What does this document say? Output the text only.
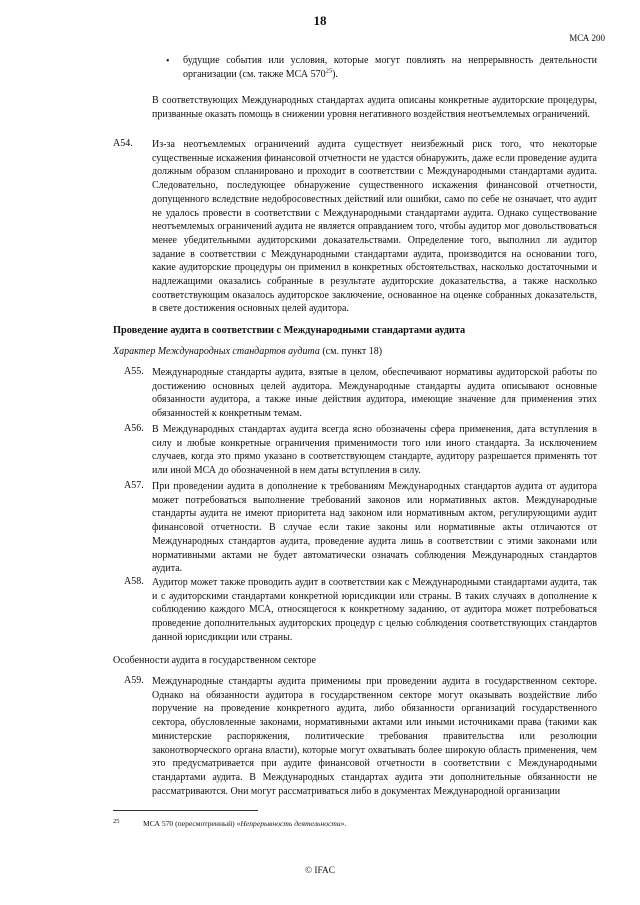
18
МСА 200
• будущие события или условия, которые могут повлиять на непрерывность деятельности организации (см. также МСА $570^{25}$).

В соответствующих Международных стандартах аудита описаны конкретные аудиторские процедуры, призванные оказать помощь в снижении уровня негативного воздействия неотъемлемых ограничений.

A54. Из-за неотъемлемых ограничений аудита существует неизбежный риск того, что некоторые существенные искажения финансовой отчетности не удастся обнаружить, даже если проведение аудита должным образом спланировано и проходит в соответствии с Международными стандартами аудита. Следовательно, последующее обнаружение существенного искажения финансовой отчетности, допущенного вследствие недобросовестных действий или ошибки, само по себе не означает, что аудит не удалось провести в соответствии с Международными стандартами аудита. Однако существование неотъемлемых ограничений аудита не является оправданием того, чтобы аудитор мог довольствоваться менее убедительными аудиторскими доказательствами. Определение того, выполнил ли аудитор задание в соответствии с Международными стандартами аудита, производится на основании того, какие аудиторские процедуры он применил в конкретных обстоятельствах, насколько достаточными и надлежащими оказались собранные в результате аудиторские доказательства, а также насколько соответствующим оказалось аудиторское заключение, основанное на оценке собранных доказательств, в свете достижения основных целей аудитора.

Проведение аудита в соответствии с Международными стандартами аудита
Характер Международных стандартов аудита (см. пункт 18)
A55. Международные стандарты аудита, взятые в целом, обеспечивают нормативы аудиторской работы по достижению основных целей аудитора. Международные стандарты аудита описывают основные обязанности аудитора, а также иные действия аудитора, имеющие значение для применения этих обязанностей к конкретным темам.

A56. В Международных стандартах аудита всегда ясно обозначены сфера применения, дата вступления в силу и любые конкретные ограничения применимости того или иного стандарта. За исключением случаев, когда это прямо указано в соответствующем стандарте, аудитору разрешается применять тот или иной МСА до обозначенной в нем даты вступления в силу.

A57. При проведении аудита в дополнение к требованиям Международных стандартов аудита от аудитора может потребоваться выполнение требований законов или нормативных актов. Международные стандарты аудита не имеют приоритета над законом или нормативным актом, регулирующими аудит финансовой отчетности. В случае если такие законы или нормативные акты отличаются от Международных стандартов аудита, проведение аудита лишь в соответствии с этими законами или нормативными актами не будет автоматически означать соблюдения Международных стандартов аудита.

A58. Аудитор может также проводить аудит в соответствии как с Международными стандартами аудита, так и с аудиторскими стандартами конкретной юрисдикции или страны. В таких случаях в дополнение к соблюдению каждого МСА, относящегося к конкретному заданию, от аудитора может потребоваться проведение дополнительных аудиторских процедур с целью соблюдения соответствующих стандартов данной юрисдикции или страны.

Особенности аудита в государственном секторе
A59. Международные стандарты аудита применимы при проведении аудита в государственном секторе. Однако на обязанности аудитора в государственном секторе могут оказывать воздействие либо поручение на проведение конкретного аудита, либо обязанности организаций государственного сектора, обусловленные законами, нормативными актами или иными источниками права (такими как министерские распоряжения, политические требования правительства или резолюции законотворческого органа власти), которые могут охватывать более широкую область применения, чем это предусматривается при аудите финансовой отчетности в соответствии с Международными стандартами аудита. В Международных стандартах аудита эти дополнительные обязанности не рассматриваются. Они могут рассматриваться либо в документах Международной организации

25	МСА 570 (пересмотренный) «Непрерывность деятельности».
© IFAC
